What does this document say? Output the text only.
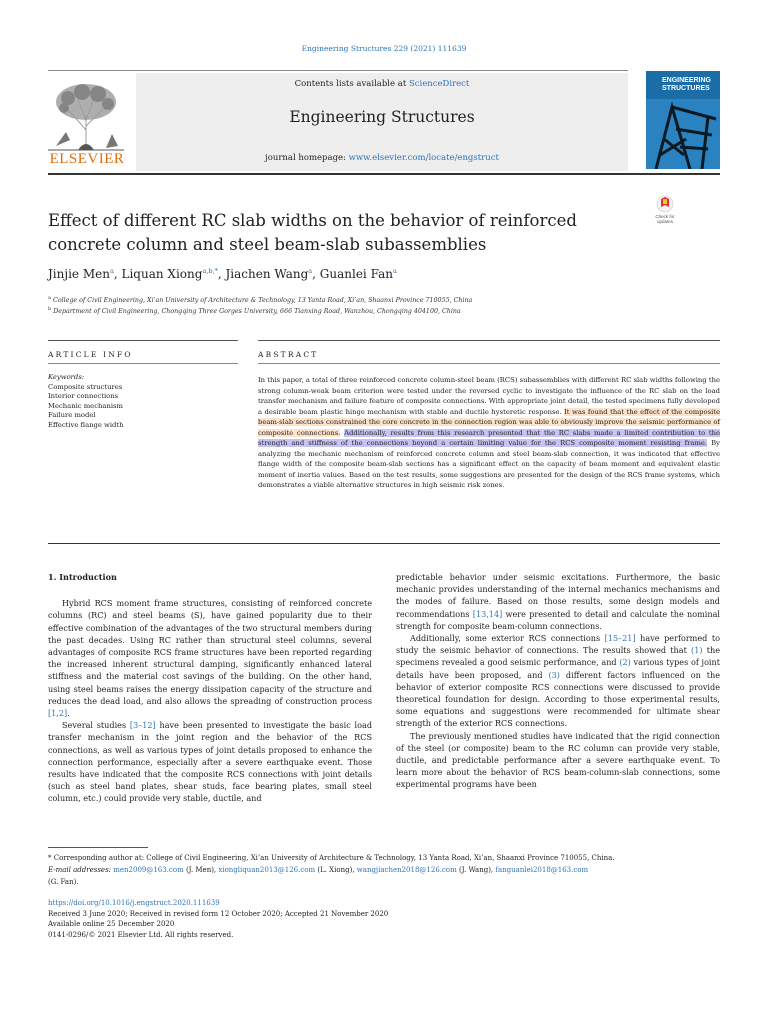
Engineering Structures 229 (2021) 111639
ELSEVIER
Contents lists available at ScienceDirect
Engineering Structures
journal homepage: www.elsevier.com/locate/engstruct
ENGINEERING
STRUCTURES
Effect of different RC slab widths on the behavior of reinforced concrete column and steel beam-slab subassemblies
Check for
updates
Jinjie Men$^a$, Liquan Xiong$^{a,b,*}$, Jiachen Wang$^a$, Guanlei Fan$^a$
$^a$ College of Civil Engineering, Xi’an University of Architecture & Technology, 13 Yanta Road, Xi’an, Shaanxi Province 710055, China
$^b$ Department of Civil Engineering, Chongqing Three Gorges University, 666 Tianxing Road, Wanzhou, Chongqing 404100, China
ARTICLE INFO	ABSTRACT
Keywords:
Composite structures
Interior connections
Mechanic mechanism
Failure model
Effective flange width
In this paper, a total of three reinforced concrete column-steel beam (RCS) subassemblies with different RC slab widths following the strong column-weak beam criterion were tested under the reversed cyclic to investigate the influence of the RC slab on the load transfer mechanism and failure feature of composite connections. With appropriate joint detail, the tested specimens fully developed a desirable beam plastic hinge mechanism with stable and ductile hysteretic response. It was found that the effect of the composite beam-slab sections constrained the core concrete in the connection region was able to obviously improve the seismic performance of composite connections. Additionally, results from this research presented that the RC slabs made a limited contribution to the strength and stiffness of the connections beyond a certain limiting value for the RCS composite moment resisting frame. By analyzing the mechanic mechanism of reinforced concrete column and steel beam-slab connection, it was indicated that effective flange width of the composite beam-slab sections has a significant effect on the capacity of beam moment and equivalent elastic moment of inertia values. Based on the test results, some suggestions are presented for the design of the RCS frame systems, which demonstrates a viable alternative structures in high seismic risk zones.

1. Introduction

Hybrid RCS moment frame structures, consisting of reinforced concrete columns (RC) and steel beams (S), have gained popularity due to their effective combination of the advantages of the two structural members during the past decades. Using RC rather than structural steel columns, several advantages of composite RCS frame structures have been reported regarding the increased inherent structural damping, significantly enhanced lateral stiffness and the material cost savings of the building. On the other hand, using steel beams raises the energy dissipation capacity of the structure and reduces the dead load, and also allows the spreading of construction process [1,2].

Several studies [3–12] have been presented to investigate the basic load transfer mechanism in the joint region and the behavior of the RCS connections, as well as various types of joint details proposed to enhance the connection performance, especially after a severe earthquake event. Those results have indicated that the composite RCS connections with joint details (such as steel band plates, shear studs, face bearing plates, small steel column, etc.) could provide very stable, ductile, and

predictable behavior under seismic excitations. Furthermore, the basic mechanic provides understanding of the internal mechanics mechanisms and the modes of failure. Based on those results, some design models and recommendations [13,14] were presented to detail and calculate the nominal strength for composite beam-column connections.

Additionally, some exterior RCS connections [15–21] have performed to study the seismic behavior of connections. The results showed that (1) the specimens revealed a good seismic performance, and (2) various types of joint details have been proposed, and (3) different factors influenced on the behavior of exterior composite RCS connections were discussed to provide theoretical foundation for design. According to those experimental results, some equations and suggestions were recommended for ultimate shear strength of the exterior RCS connections.

The previously mentioned studies have indicated that the rigid connection of the steel (or composite) beam to the RC column can provide very stable, ductile, and predictable performance after a severe earthquake event. To learn more about the behavior of RCS beam-column-slab connections, some experimental programs have been

* Corresponding author at: College of Civil Engineering, Xi’an University of Architecture & Technology, 13 Yanta Road, Xi’an, Shaanxi Province 710055, China.
E-mail addresses: men2009@163.com (J. Men), xiongliquan2013@126.com (L. Xiong), wangjiachen2018@126.com (J. Wang), fanguanlei2018@163.com
(G. Fan).
https://doi.org/10.1016/j.engstruct.2020.111639
Received 3 June 2020; Received in revised form 12 October 2020; Accepted 21 November 2020
Available online 25 December 2020
0141-0296/© 2021 Elsevier Ltd. All rights reserved.
